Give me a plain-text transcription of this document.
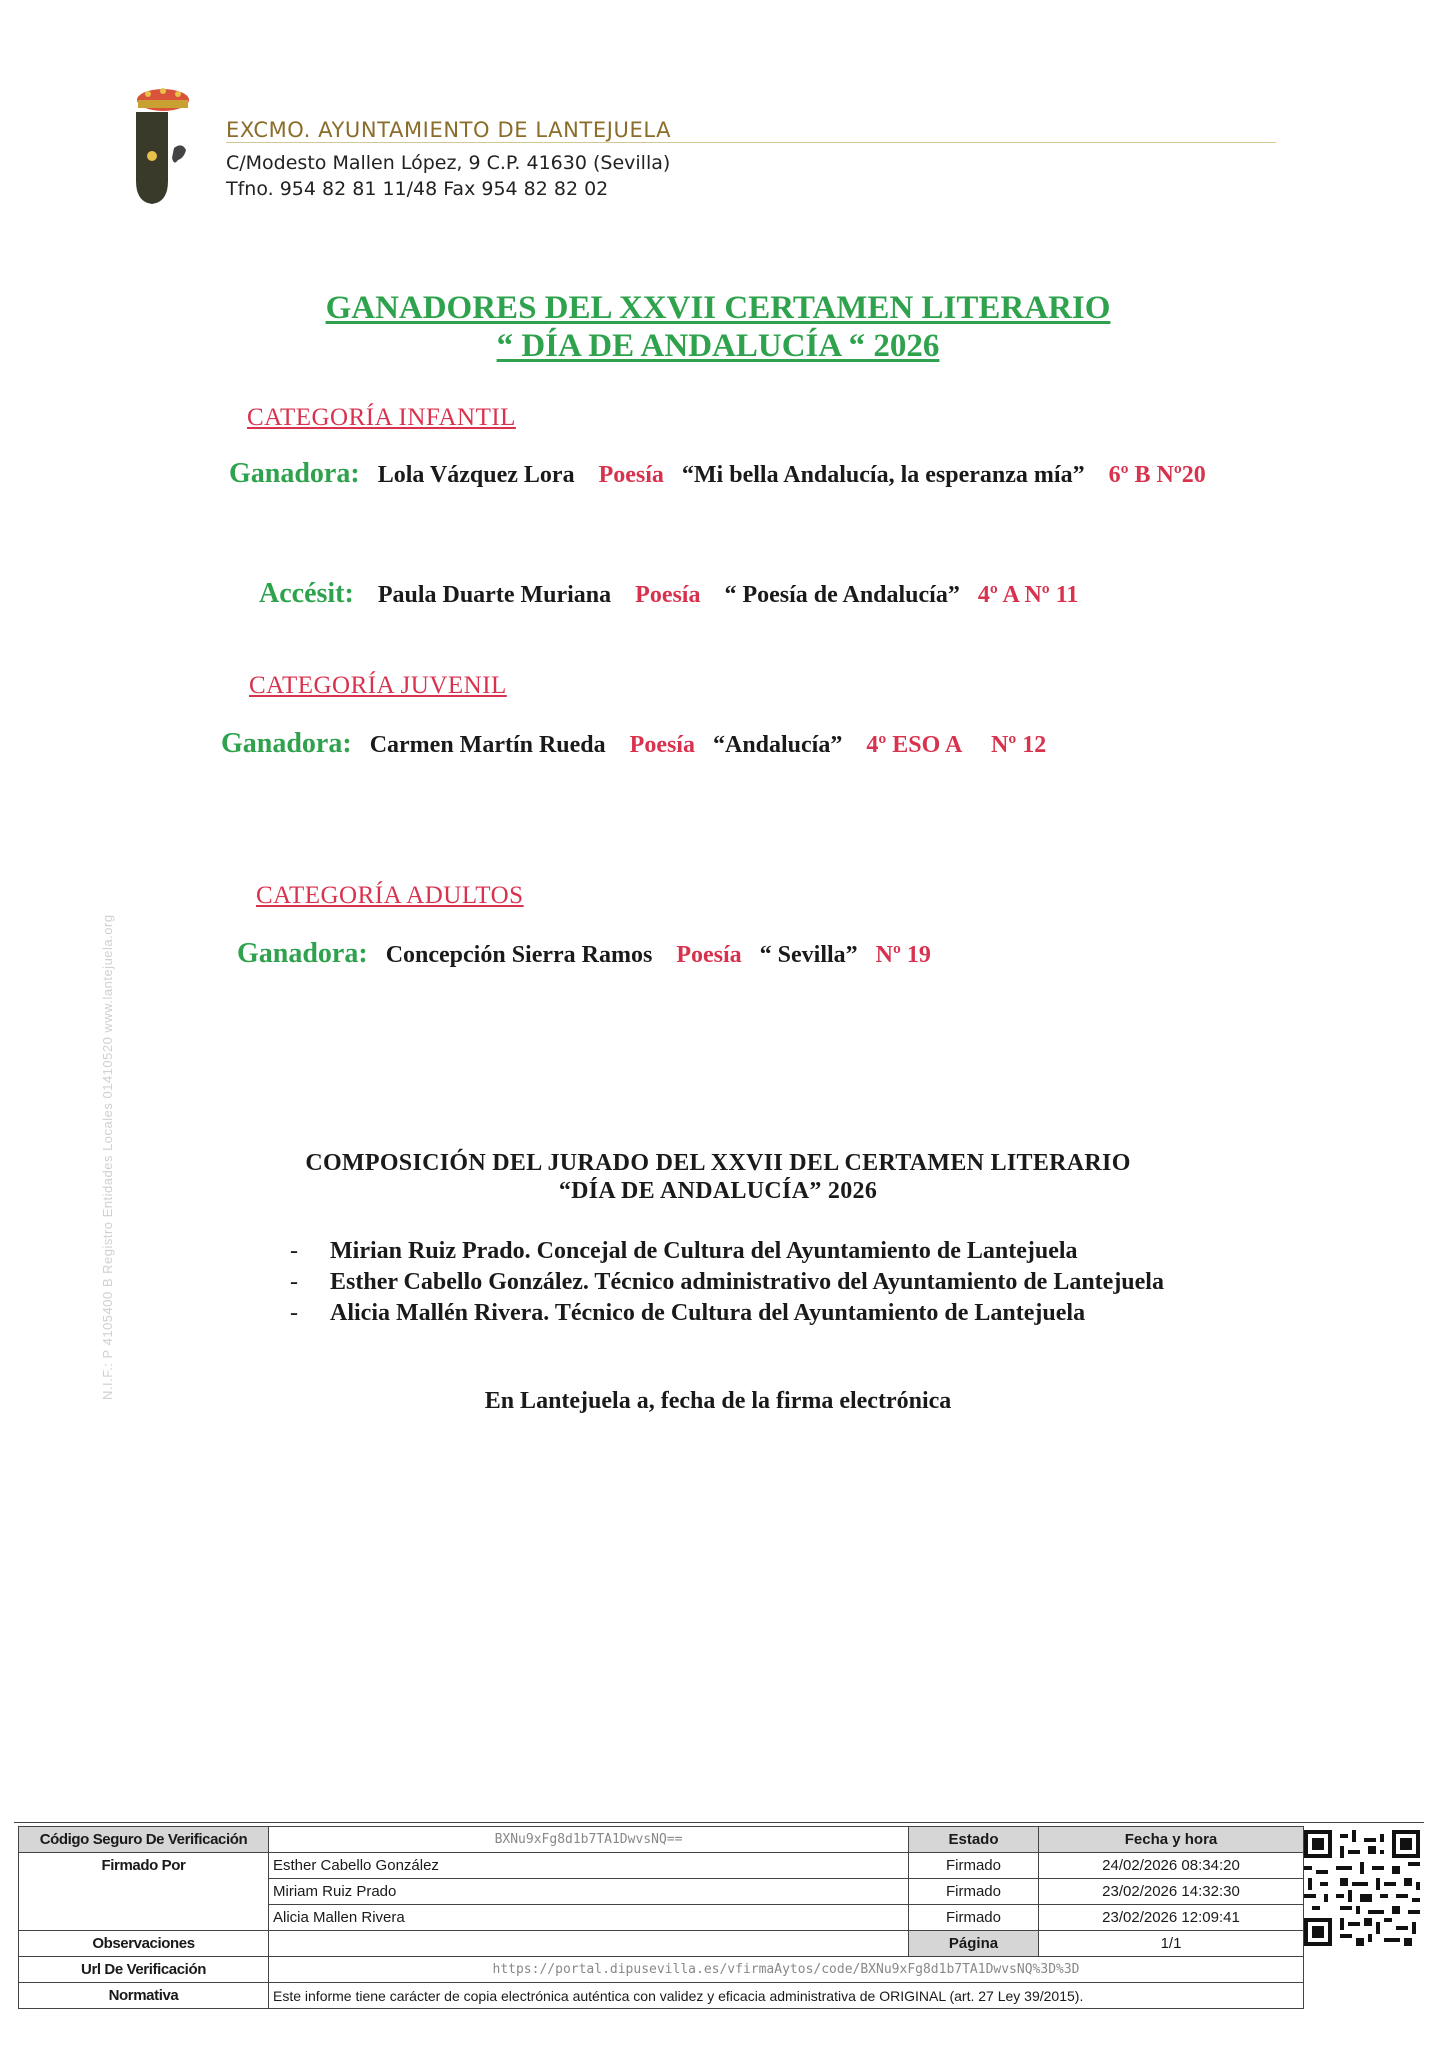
EXCMO. AYUNTAMIENTO DE LANTEJUELA
C/Modesto Mallen López, 9 C.P. 41630 (Sevilla)
Tfno. 954 82 81 11/48 Fax 954 82 82 02
N.I.F.: P 4105400 B Registro Entidades Locales 01410520 www.lantejuela.org
GANADORES DEL XXVII CERTAMEN LITERARIO
“ DÍA DE ANDALUCÍA “ 2026
CATEGORÍA INFANTIL
Ganadora: Lola Vázquez Lora Poesía “Mi bella Andalucía, la esperanza mía” 6º B Nº20
Accésit: Paula Duarte Muriana Poesía “ Poesía de Andalucía” 4º A Nº 11
CATEGORÍA JUVENIL
Ganadora: Carmen Martín Rueda Poesía “Andalucía” 4º ESO A     Nº 12
CATEGORÍA ADULTOS
Ganadora: Concepción Sierra Ramos Poesía “ Sevilla” Nº 19
COMPOSICIÓN DEL JURADO DEL XXVII DEL CERTAMEN LITERARIO
“DÍA DE ANDALUCÍA” 2026
- Mirian Ruiz Prado. Concejal de Cultura del Ayuntamiento de Lantejuela
- Esther Cabello González. Técnico administrativo del Ayuntamiento de Lantejuela
- Alicia Mallén Rivera. Técnico de Cultura del Ayuntamiento de Lantejuela
En Lantejuela a, fecha de la firma electrónica
Código Seguro De Verificación	BXNu9xFg8d1b7TA1DwvsNQ==	Estado	Fecha y hora
Firmado Por	Esther Cabello González	Firmado	24/02/2026 08:34:20
	Miriam Ruiz Prado	Firmado	23/02/2026 14:32:30
	Alicia Mallen Rivera	Firmado	23/02/2026 12:09:41
Observaciones		Página	1/1
Url De Verificación	https://portal.dipusevilla.es/vfirmaAytos/code/BXNu9xFg8d1b7TA1DwvsNQ%3D%3D		
Normativa	Este informe tiene carácter de copia electrónica auténtica con validez y eficacia administrativa de ORIGINAL (art. 27 Ley 39/2015).		
